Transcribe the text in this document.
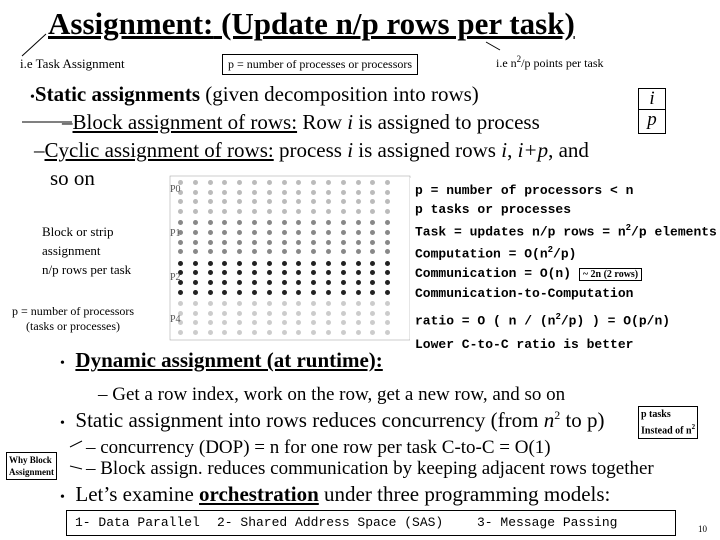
Assignment: (Update n/p rows per task)
i.e Task Assignment	p = number of processes or processors	i.e $n^2/p$ points per task
•Static assignments (given decomposition into rows)
–Block assignment of rows: Row i is assigned to process
i
p
–Cyclic assignment of rows: process i is assigned rows i, i+p, and
so on	P0
P1
P2
P4
Block or strip
assignment
n/p rows per task
p = number of processors
(tasks or processes)
p = number of processors < n
p tasks or processes
Task = updates n/p rows = $n^2/p$ elements
Computation = $O(n^2/p)$
Communication = O(n) ~ 2n (2 rows)
Communication-to-Computation
ratio = O ( n / $(n^2/p)$ ) = O(p/n)
Lower C-to-C ratio is better
• Dynamic assignment (at runtime):
– Get a row index, work on the row, get a new row, and so on
• Static assignment into rows reduces concurrency (from $n^2$ to p)	p tasks
Instead of $n^2$
– concurrency (DOP) = n for one row per task C-to-C = O(1)
– Block assign. reduces communication by keeping adjacent rows together
Why Block
Assignment
• Let’s examine orchestration under three programming models:
1- Data Parallel 2- Shared Address Space (SAS)	3- Message Passing	10
